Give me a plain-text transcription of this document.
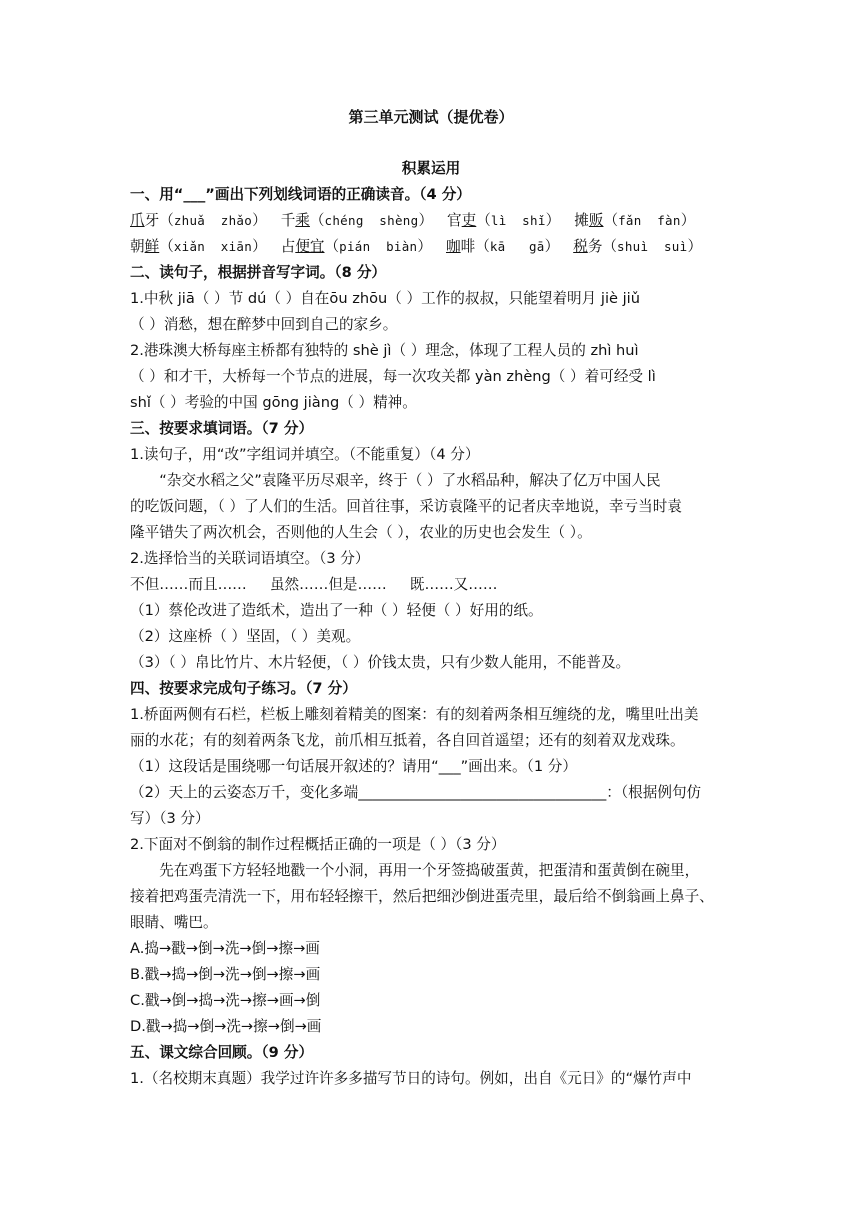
第三单元测试（提优卷）
积累运用
一、用“___”画出下列划线词语的正确读音。（4 分）
爪牙（zhuǎ  zhǎo） 千乘（chéng  shèng） 官吏（lì  shǐ） 摊贩（fǎn  fàn）
朝鲜（xiǎn  xiān） 占便宜（pián  biàn） 咖啡（kā   gā） 税务（shuì  suì）
二、读句子，根据拼音写字词。（8 分）
1.中秋 jiā（ ）节 dú（ ）自在ōu zhōu（ ）工作的叔叔，只能望着明月 jiè jiǔ
（ ）消愁，想在醉梦中回到自己的家乡。
2.港珠澳大桥每座主桥都有独特的 shè jì（ ）理念，体现了工程人员的 zhì huì
（ ）和才干，大桥每一个节点的进展，每一次攻关都 yàn zhèng（ ）着可经受 lì
shǐ（ ）考验的中国 gōng jiàng（ ）精神。
三、按要求填词语。（7 分）
1.读句子，用“改”字组词并填空。（不能重复）（4 分）
“杂交水稻之父”袁隆平历尽艰辛，终于（ ）了水稻品种，解决了亿万中国人民
的吃饭问题，（ ）了人们的生活。回首往事，采访袁隆平的记者庆幸地说，幸亏当时袁
隆平错失了两次机会，否则他的人生会（ ），农业的历史也会发生（ ）。
2.选择恰当的关联词语填空。（3 分）
不但……而且……     虽然……但是……     既……又……
（1）蔡伦改进了造纸术，造出了一种（ ）轻便（ ）好用的纸。
（2）这座桥（ ）坚固，（ ）美观。
（3）（ ）帛比竹片、木片轻便，（ ）价钱太贵，只有少数人能用，不能普及。
四、按要求完成句子练习。（7 分）
1.桥面两侧有石栏，栏板上雕刻着精美的图案：有的刻着两条相互缠绕的龙，嘴里吐出美
丽的水花；有的刻着两条飞龙，前爪相互抵着，各自回首遥望；还有的刻着双龙戏珠。
（1）这段话是围绕哪一句话展开叙述的？请用“___”画出来。（1 分）
（2）天上的云姿态万千，变化多端__________________________________：（根据例句仿
写）（3 分）
2.下面对不倒翁的制作过程概括正确的一项是（ ）（3 分）
先在鸡蛋下方轻轻地戳一个小洞，再用一个牙签捣破蛋黄，把蛋清和蛋黄倒在碗里，
接着把鸡蛋壳清洗一下，用布轻轻擦干，然后把细沙倒进蛋壳里，最后给不倒翁画上鼻子、
眼睛、嘴巴。
A.捣→戳→倒→洗→倒→擦→画
B.戳→捣→倒→洗→倒→擦→画
C.戳→倒→捣→洗→擦→画→倒
D.戳→捣→倒→洗→擦→倒→画
五、课文综合回顾。（9 分）
1.（名校期末真题）我学过许许多多描写节日的诗句。例如，出自《元日》的“爆竹声中
